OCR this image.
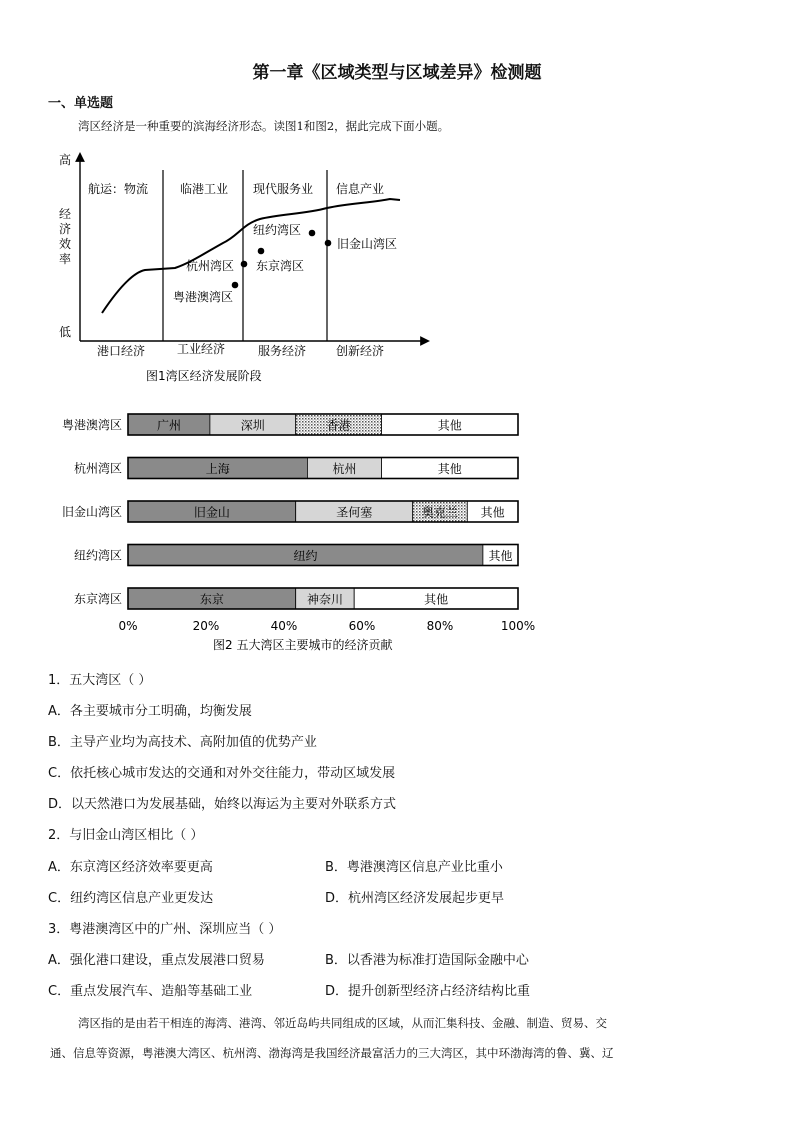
第一章《区域类型与区域差异》检测题
一、单选题
湾区经济是一种重要的滨海经济形态。读图1和图2，据此完成下面小题。
高
低
经
济
效
率
航运：物流	临港工业 现代服务业 信息产业
纽约湾区
旧金山湾区
杭州湾区 东京湾区
粤港澳湾区
港口经济	工业经济	服务经济 创新经济
图1湾区经济发展阶段
粤港澳湾区	广州	深圳	香港	其他
杭州湾区	上海	杭州	其他
旧金山湾区	旧金山	圣何塞	奥克兰 其他
纽约湾区	纽约	其他
东京湾区	东京	神奈川	其他
0%	20%	40%	60%	80%	100%
图2 五大湾区主要城市的经济贡献
1．五大湾区（ ）
A．各主要城市分工明确，均衡发展
B．主导产业均为高技术、高附加值的优势产业
C．依托核心城市发达的交通和对外交往能力，带动区域发展
D．以天然港口为发展基础，始终以海运为主要对外联系方式
2．与旧金山湾区相比（ ）
A．东京湾区经济效率要更高	B．粤港澳湾区信息产业比重小
C．纽约湾区信息产业更发达	D．杭州湾区经济发展起步更早
3．粤港澳湾区中的广州、深圳应当（ ）
A．强化港口建设，重点发展港口贸易	B．以香港为标准打造国际金融中心
C．重点发展汽车、造船等基础工业	D．提升创新型经济占经济结构比重
湾区指的是由若干相连的海湾、港湾、邻近岛屿共同组成的区域，从而汇集科技、金融、制造、贸易、交
通、信息等资源，粤港澳大湾区、杭州湾、渤海湾是我国经济最富活力的三大湾区，其中环渤海湾的鲁、冀、辽
